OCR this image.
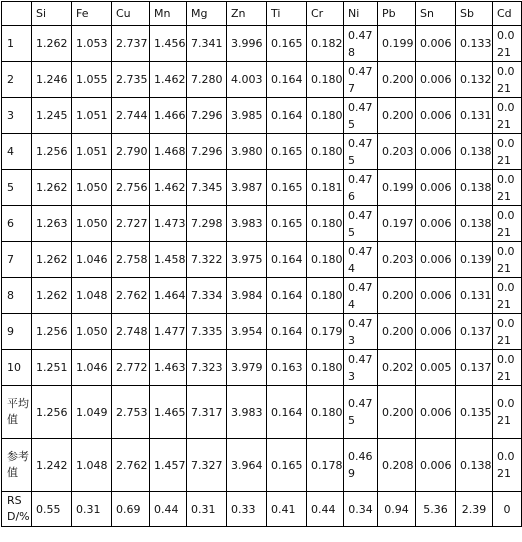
	Si	Fe	Cu	Mn	Mg	Zn	Ti	Cr	Ni	Pb	Sn	Sb	Cd
1	1.262	1.053	2.737	1.456	7.341	3.996	0.165	0.182	0.478	0.199	0.006	0.133	0.021
2	1.246	1.055	2.735	1.462	7.280	4.003	0.164	0.180	0.477	0.200	0.006	0.132	0.021
3	1.245	1.051	2.744	1.466	7.296	3.985	0.164	0.180	0.475	0.200	0.006	0.131	0.021
4	1.256	1.051	2.790	1.468	7.296	3.980	0.165	0.180	0.475	0.203	0.006	0.138	0.021
5	1.262	1.050	2.756	1.462	7.345	3.987	0.165	0.181	0.476	0.199	0.006	0.138	0.021
6	1.263	1.050	2.727	1.473	7.298	3.983	0.165	0.180	0.475	0.197	0.006	0.138	0.021
7	1.262	1.046	2.758	1.458	7.322	3.975	0.164	0.180	0.474	0.203	0.006	0.139	0.021
8	1.262	1.048	2.762	1.464	7.334	3.984	0.164	0.180	0.474	0.200	0.006	0.131	0.021
9	1.256	1.050	2.748	1.477	7.335	3.954	0.164	0.179	0.473	0.200	0.006	0.137	0.021
10	1.251	1.046	2.772	1.463	7.323	3.979	0.163	0.180	0.473	0.202	0.005	0.137	0.021
平均值	1.256	1.049	2.753	1.465	7.317	3.983	0.164	0.180	0.475	0.200	0.006	0.135	0.021
参考值	1.242	1.048	2.762	1.457	7.327	3.964	0.165	0.178	0.469	0.208	0.006	0.138	0.021
RSD/%	0.55	0.31	0.69	0.44	0.31	0.33	0.41	0.44	0.34	0.94	5.36	2.39	0
